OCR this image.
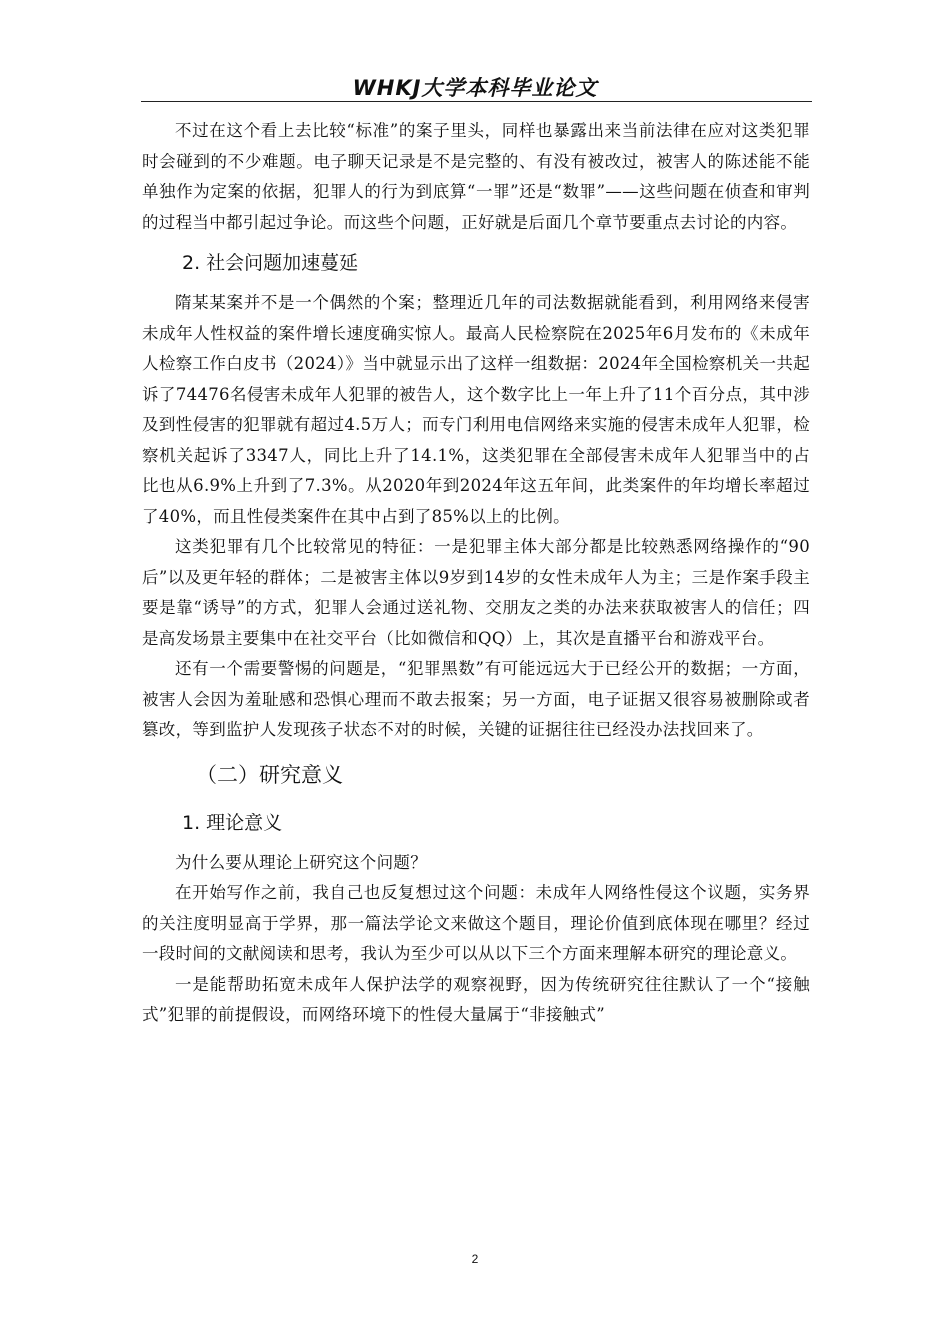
WHKJ大学本科毕业论文

不过在这个看上去比较“标准”的案子里头，同样也暴露出来当前法律在应对这类犯罪时会碰到的不少难题。电子聊天记录是不是完整的、有没有被改过，被害人的陈述能不能单独作为定案的依据，犯罪人的行为到底算“一罪”还是“数罪”——这些问题在侦查和审判的过程当中都引起过争论。而这些个问题，正好就是后面几个章节要重点去讨论的内容。

2. 社会问题加速蔓延

隋某某案并不是一个偶然的个案；整理近几年的司法数据就能看到，利用网络来侵害未成年人性权益的案件增长速度确实惊人。最高人民检察院在2025年6月发布的《未成年人检察工作白皮书（2024）》当中就显示出了这样一组数据：2024年全国检察机关一共起诉了74476名侵害未成年人犯罪的被告人，这个数字比上一年上升了11个百分点，其中涉及到性侵害的犯罪就有超过4.5万人；而专门利用电信网络来实施的侵害未成年人犯罪，检察机关起诉了3347人，同比上升了14.1%，这类犯罪在全部侵害未成年人犯罪当中的占比也从6.9%上升到了7.3%。从2020年到2024年这五年间，此类案件的年均增长率超过了40%，而且性侵类案件在其中占到了85%以上的比例。

这类犯罪有几个比较常见的特征：一是犯罪主体大部分都是比较熟悉网络操作的“90后”以及更年轻的群体；二是被害主体以9岁到14岁的女性未成年人为主；三是作案手段主要是靠“诱导”的方式，犯罪人会通过送礼物、交朋友之类的办法来获取被害人的信任；四是高发场景主要集中在社交平台（比如微信和QQ）上，其次是直播平台和游戏平台。

还有一个需要警惕的问题是，“犯罪黑数”有可能远远大于已经公开的数据；一方面，被害人会因为羞耻感和恐惧心理而不敢去报案；另一方面，电子证据又很容易被删除或者篡改，等到监护人发现孩子状态不对的时候，关键的证据往往已经没办法找回来了。

（二）研究意义
1. 理论意义

为什么要从理论上研究这个问题？

在开始写作之前，我自己也反复想过这个问题：未成年人网络性侵这个议题，实务界的关注度明显高于学界，那一篇法学论文来做这个题目，理论价值到底体现在哪里？经过一段时间的文献阅读和思考，我认为至少可以从以下三个方面来理解本研究的理论意义。

一是能帮助拓宽未成年人保护法学的观察视野，因为传统研究往往默认了一个“接触式”犯罪的前提假设，而网络环境下的性侵大量属于“非接触式”

2
